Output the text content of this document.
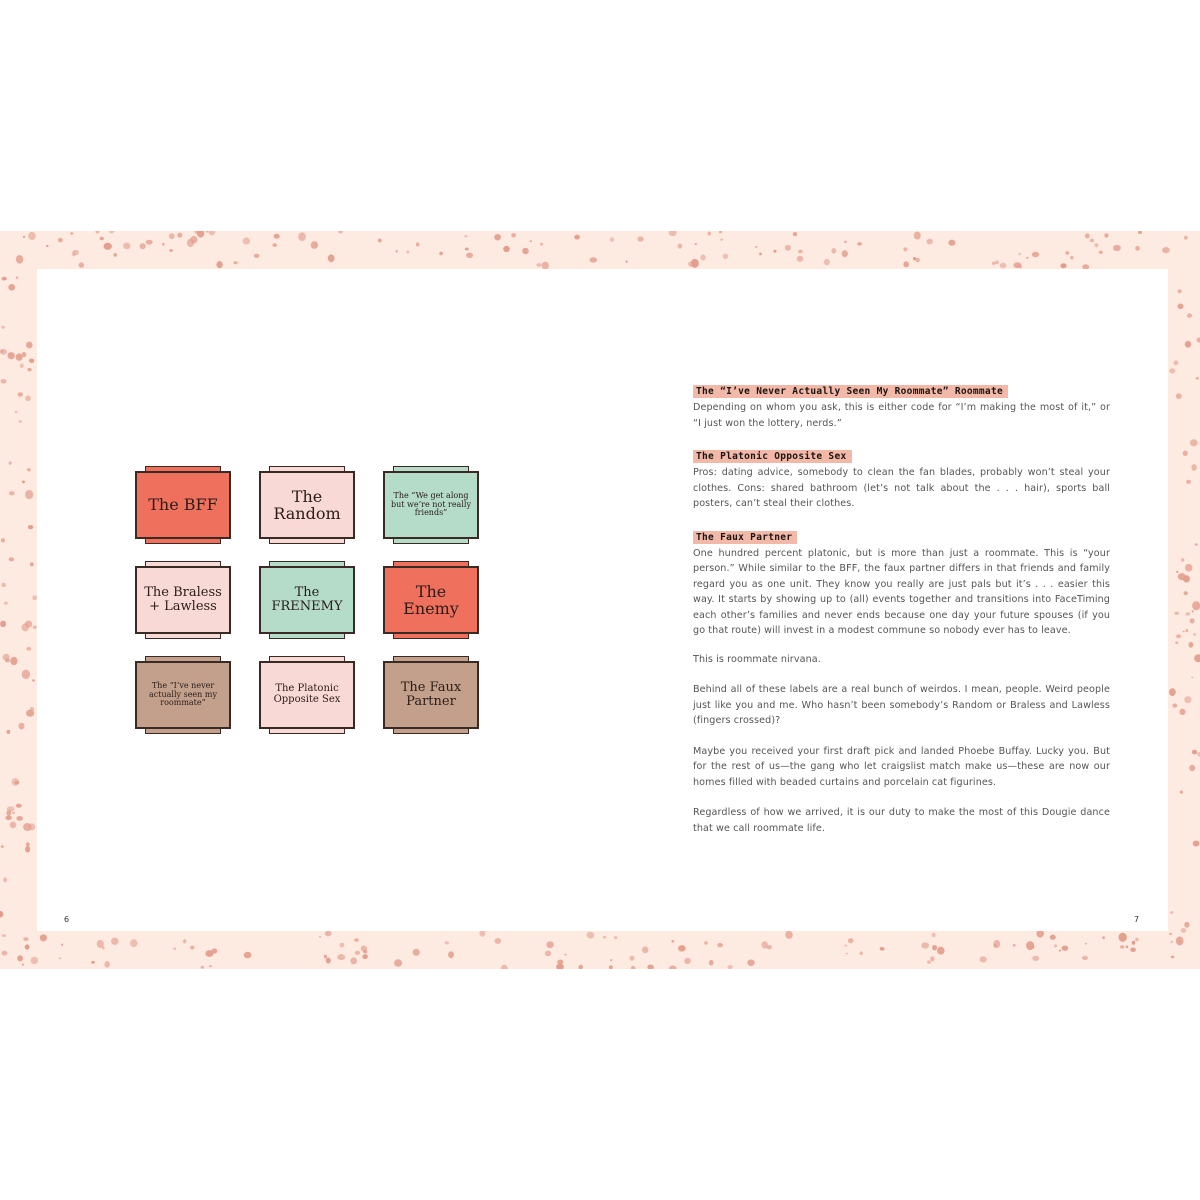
The BFF	The Random
The “We get along but we’re not really friends”
The Braless + Lawless
The FRENEMY
The Enemy
The “I’ve never actually seen my roommate”
The Platonic Opposite Sex
The Faux Partner
The “I’ve Never Actually Seen My Roommate” Roommate

Depending on whom you ask, this is either code for “I’m making the most of it,” or “I just won the lottery, nerds.”

The Platonic Opposite Sex

Pros: dating advice, somebody to clean the fan blades, probably won’t steal your clothes. Cons: shared bathroom (let’s not talk about the . . . hair), sports ball posters, can’t steal their clothes.

The Faux Partner

One hundred percent platonic, but is more than just a roommate. This is “your person.” While similar to the BFF, the faux partner differs in that friends and family regard you as one unit. They know you really are just pals but it’s . . . easier this way. It starts by showing up to (all) events together and transitions into FaceTiming each other’s families and never ends because one day your future spouses (if you go that route) will invest in a modest commune so nobody ever has to leave.

This is roommate nirvana.

Behind all of these labels are a real bunch of weirdos. I mean, people. Weird people just like you and me. Who hasn’t been somebody’s Random or Braless and Lawless (fingers crossed)?

Maybe you received your first draft pick and landed Phoebe Buffay. Lucky you. But for the rest of us—the gang who let craigslist match make us—these are now our homes filled with beaded curtains and porcelain cat figurines.

Regardless of how we arrived, it is our duty to make the most of this Dougie dance that we call roommate life.

6	7
